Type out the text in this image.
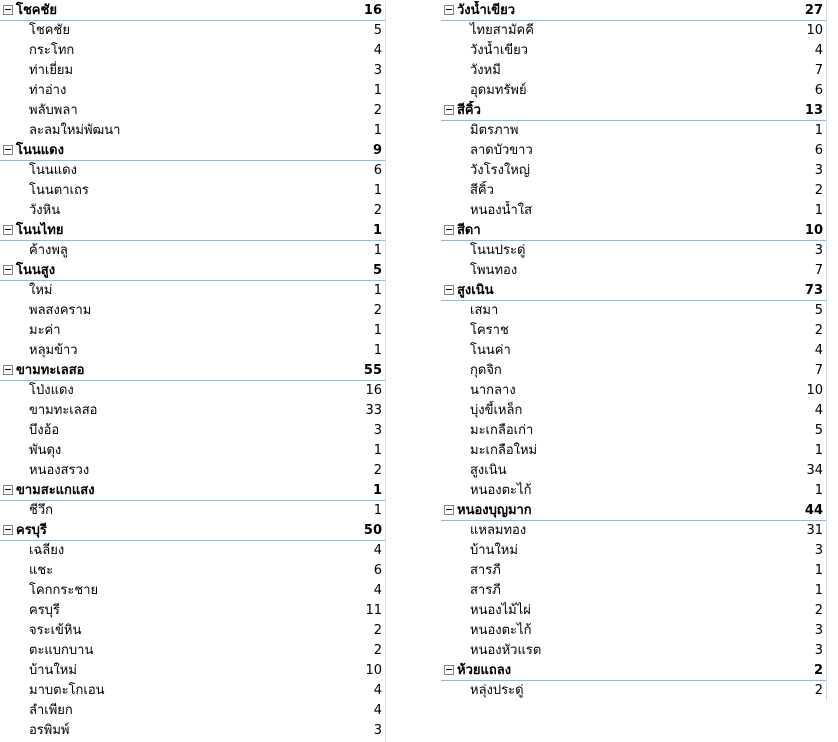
โชคชัย	16
โชคชัย	5
กระโทก	4
ท่าเยี่ยม	3
ท่าอ่าง	1
พลับพลา	2
ละลมใหม่พัฒนา	1
โนนแดง	9
โนนแดง	6
โนนตาเถร	1
วังหิน	2
โนนไทย	1
ค้างพลู	1
โนนสูง	5
ใหม่	1
พลสงคราม	2
มะค่า	1
หลุมข้าว	1
ขามทะเลสอ	55
โป่งแดง	16
ขามทะเลสอ	33
บึงอ้อ	3
พันดุง	1
หนองสรวง	2
ขามสะแกแสง	1
ชีวึก	1
ครบุรี	50
เฉลียง	4
แชะ	6
โคกกระชาย	4
ครบุรี	11
จระเข้หิน	2
ตะแบกบาน	2
บ้านใหม่	10
มาบตะโกเอน	4
ลำเพียก	4
อรพิมพ์	3
วังน้ำเขียว	27
ไทยสามัคคี	10
วังน้ำเขียว	4
วังหมี	7
อุดมทรัพย์	6
สีคิ้ว	13
มิตรภาพ	1
ลาดบัวขาว	6
วังโรงใหญ่	3
สีคิ้ว	2
หนองน้ำใส	1
สีดา	10
โนนประดู่	3
โพนทอง	7
สูงเนิน	73
เสมา	5
โคราช	2
โนนค่า	4
กุดจิก	7
นากลาง	10
บุ่งขี้เหล็ก	4
มะเกลือเก่า	5
มะเกลือใหม่	1
สูงเนิน	34
หนองตะไก้	1
หนองบุญมาก	44
แหลมทอง	31
บ้านใหม่	3
สารภี	1
สารภี	1
หนองไม้ไผ่	2
หนองตะไก้	3
หนองหัวแรต	3
ห้วยแถลง	2
หลุ่งประดู่	2
